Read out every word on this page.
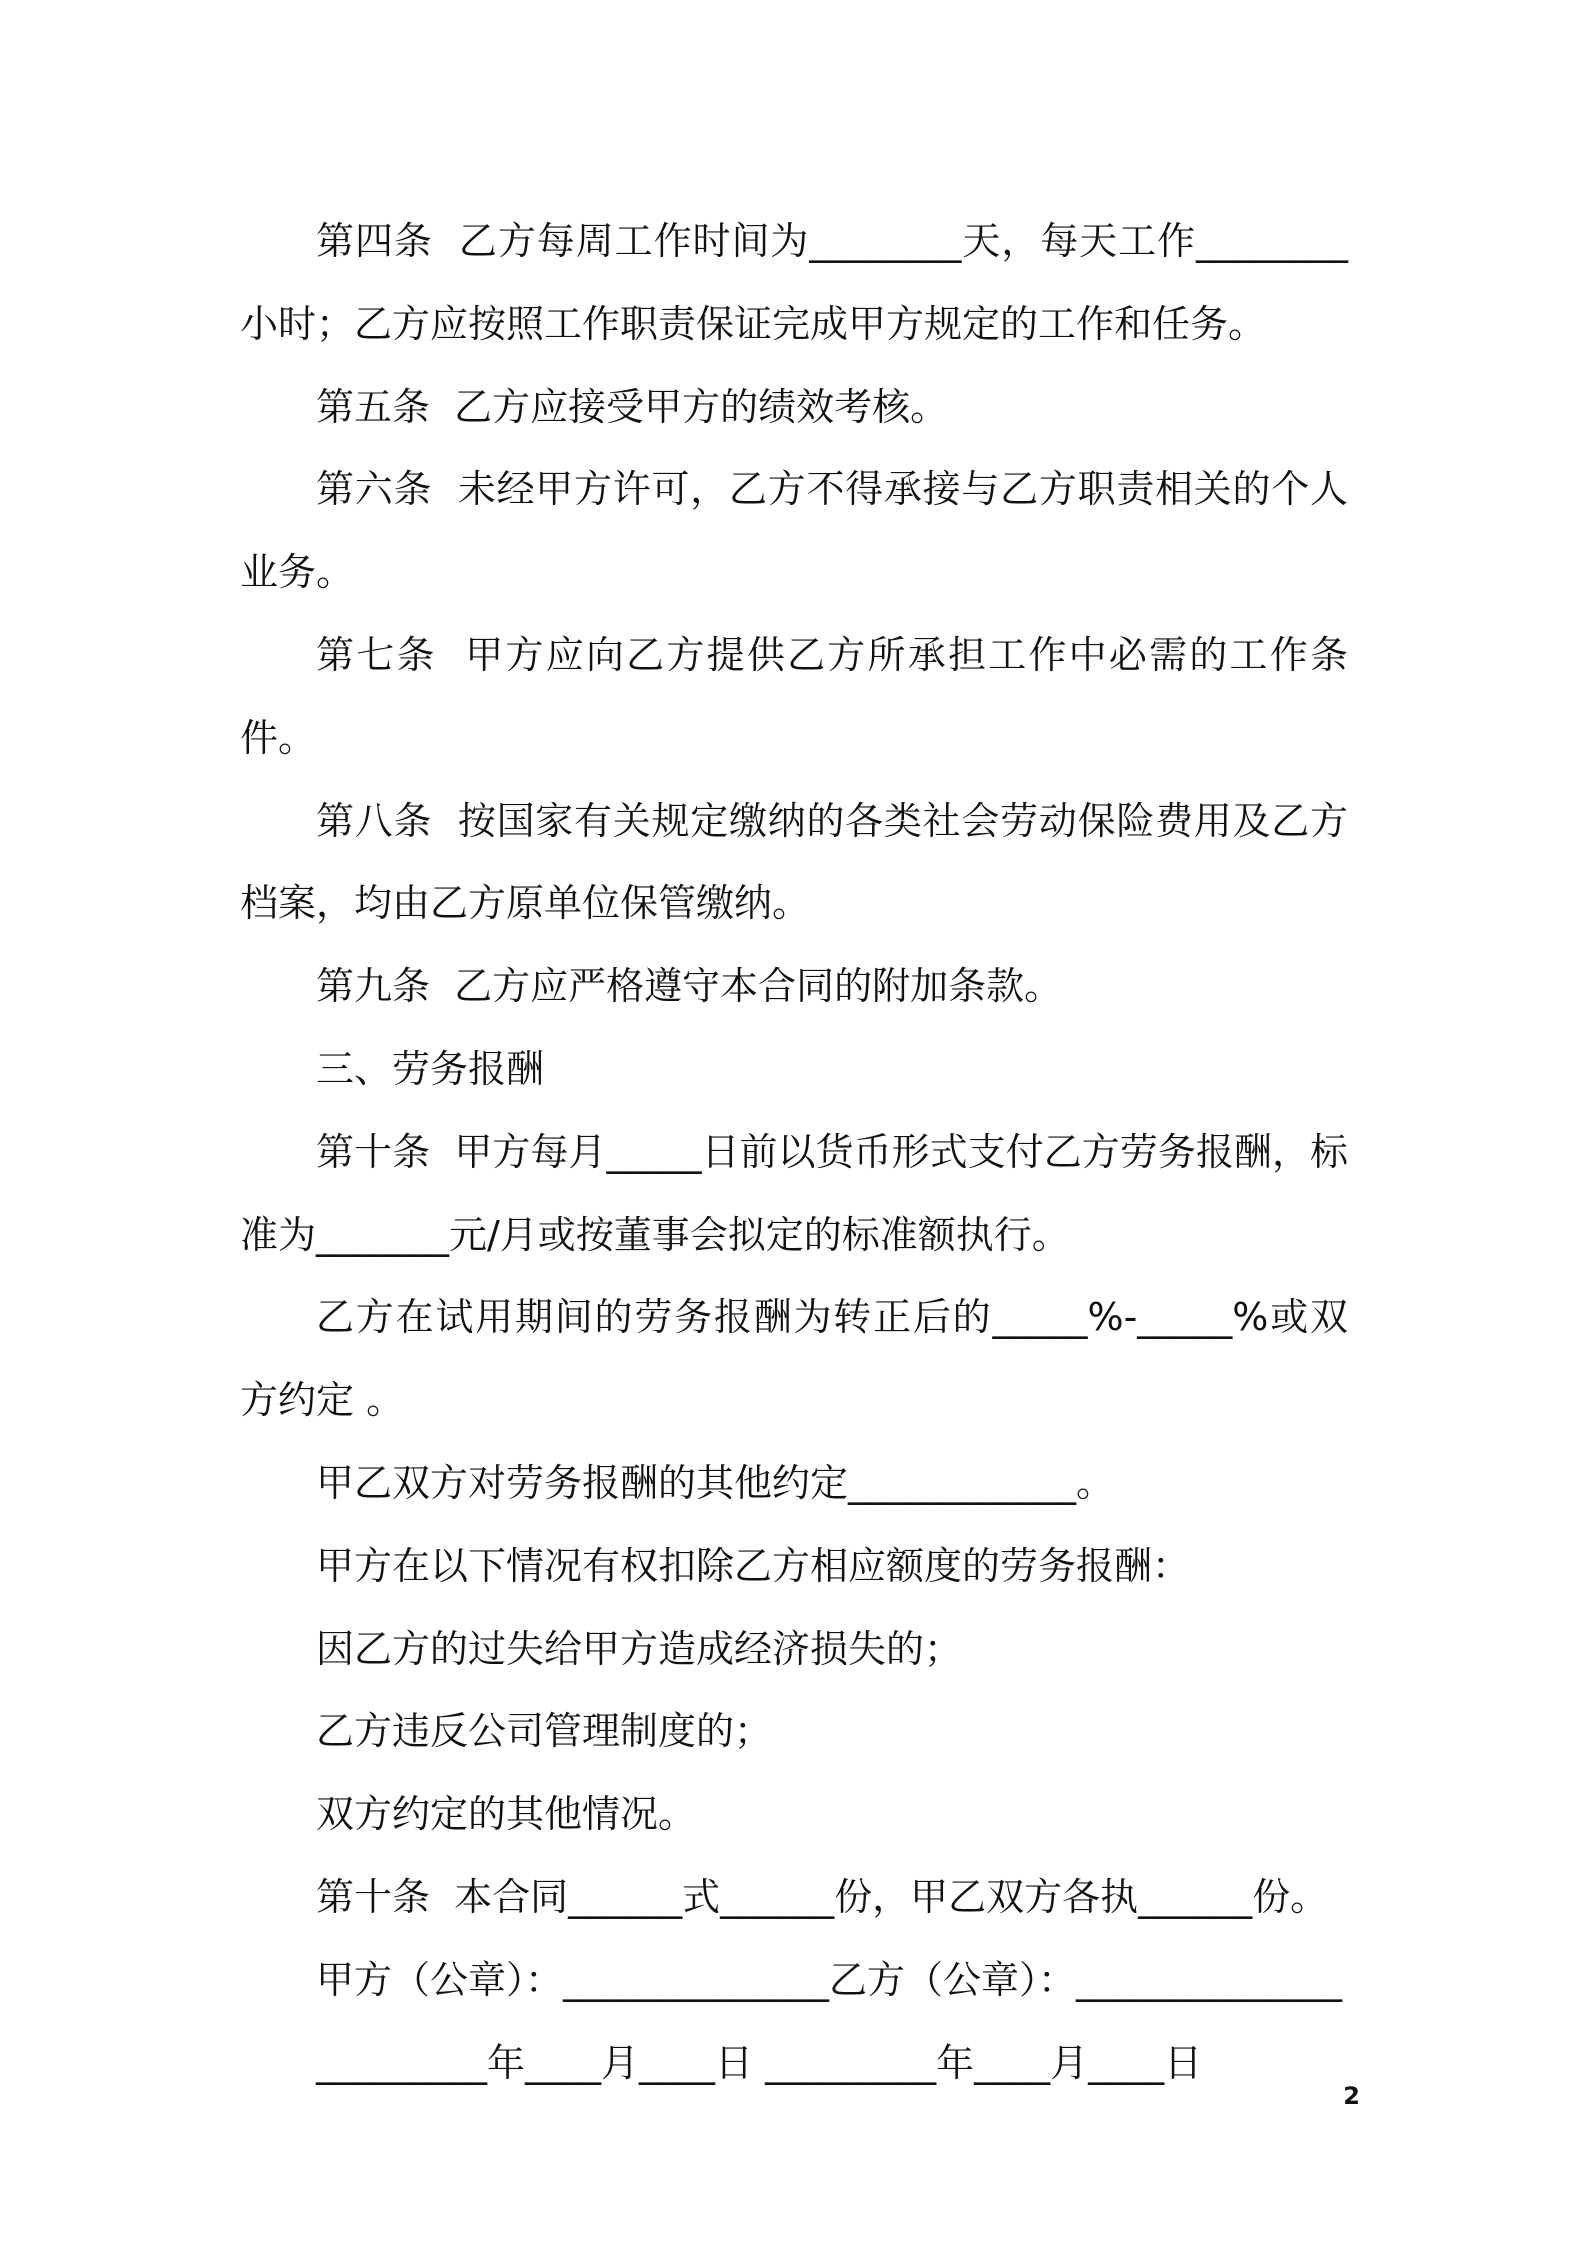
第四条  乙方每周工作时间为________天，每天工作________小时；乙方应按照工作职责保证完成甲方规定的工作和任务。

第五条  乙方应接受甲方的绩效考核。

第六条  未经甲方许可，乙方不得承接与乙方职责相关的个人业务。

第七条  甲方应向乙方提供乙方所承担工作中必需的工作条件。

第八条  按国家有关规定缴纳的各类社会劳动保险费用及乙方档案，均由乙方原单位保管缴纳。

第九条  乙方应严格遵守本合同的附加条款。

三、劳务报酬

第十条  甲方每月_____日前以货币形式支付乙方劳务报酬，标准为_______元/月或按董事会拟定的标准额执行。

乙方在试用期间的劳务报酬为转正后的_____%-_____%或双方约定 。

甲乙双方对劳务报酬的其他约定____________。

甲方在以下情况有权扣除乙方相应额度的劳务报酬：

因乙方的过失给甲方造成经济损失的；

乙方违反公司管理制度的；

双方约定的其他情况。

第十条  本合同______式______份，甲乙双方各执______份。

甲方（公章）：______________乙方（公章）：______________

_________年____月____日 _________年____月____日

2
